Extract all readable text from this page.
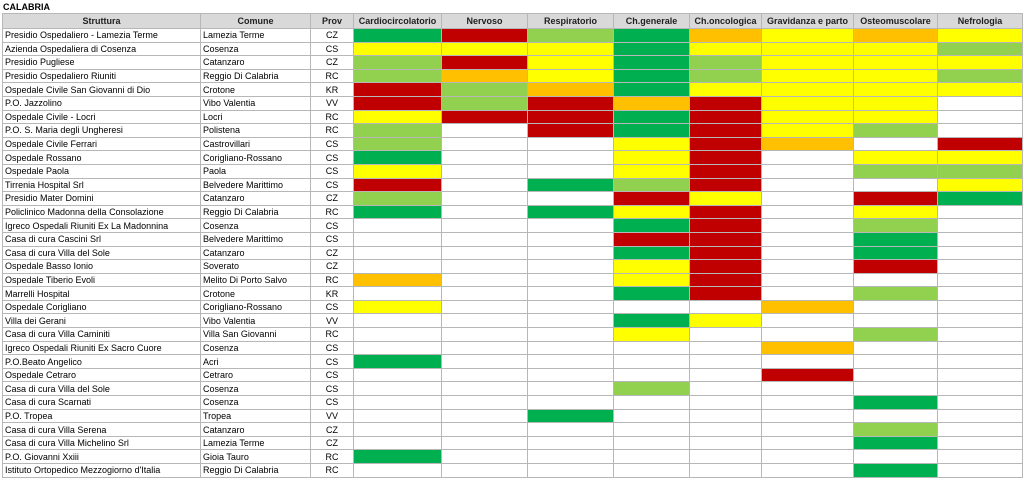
CALABRIA
Struttura	Comune	Prov	Cardiocircolatorio	Nervoso	Respiratorio	Ch.generale	Ch.oncologica	Gravidanza e parto	Osteomuscolare	Nefrologia
Presidio Ospedaliero - Lamezia Terme	Lamezia Terme	CZ								
Azienda Ospedaliera di Cosenza	Cosenza	CS								
Presidio Pugliese	Catanzaro	CZ								
Presidio Ospedaliero Riuniti	Reggio Di Calabria	RC								
Ospedale Civile San Giovanni di Dio	Crotone	KR								
P.O. Jazzolino	Vibo Valentia	VV								
Ospedale Civile - Locri	Locri	RC								
P.O. S. Maria degli Ungheresi	Polistena	RC								
Ospedale Civile Ferrari	Castrovillari	CS								
Ospedale Rossano	Corigliano-Rossano	CS								
Ospedale Paola	Paola	CS								
Tirrenia Hospital Srl	Belvedere Marittimo	CS								
Presidio Mater Domini	Catanzaro	CZ								
Policlinico Madonna della Consolazione	Reggio Di Calabria	RC								
Igreco Ospedali Riuniti Ex La Madonnina	Cosenza	CS								
Casa di cura Cascini Srl	Belvedere Marittimo	CS								
Casa di cura Villa del Sole	Catanzaro	CZ								
Ospedale Basso Ionio	Soverato	CZ								
Ospedale Tiberio Evoli	Melito Di Porto Salvo	RC								
Marrelli Hospital	Crotone	KR								
Ospedale Corigliano	Corigliano-Rossano	CS								
Villa dei Gerani	Vibo Valentia	VV								
Casa di cura Villa Caminiti	Villa San Giovanni	RC								
Igreco Ospedali Riuniti Ex Sacro Cuore	Cosenza	CS								
P.O.Beato Angelico	Acri	CS								
Ospedale Cetraro	Cetraro	CS								
Casa di cura Villa del Sole	Cosenza	CS								
Casa di cura Scarnati	Cosenza	CS								
P.O. Tropea	Tropea	VV								
Casa di cura Villa Serena	Catanzaro	CZ								
Casa di cura Villa Michelino Srl	Lamezia Terme	CZ								
P.O. Giovanni Xxiii	Gioia Tauro	RC								
Istituto Ortopedico Mezzogiorno d'Italia	Reggio Di Calabria	RC								
